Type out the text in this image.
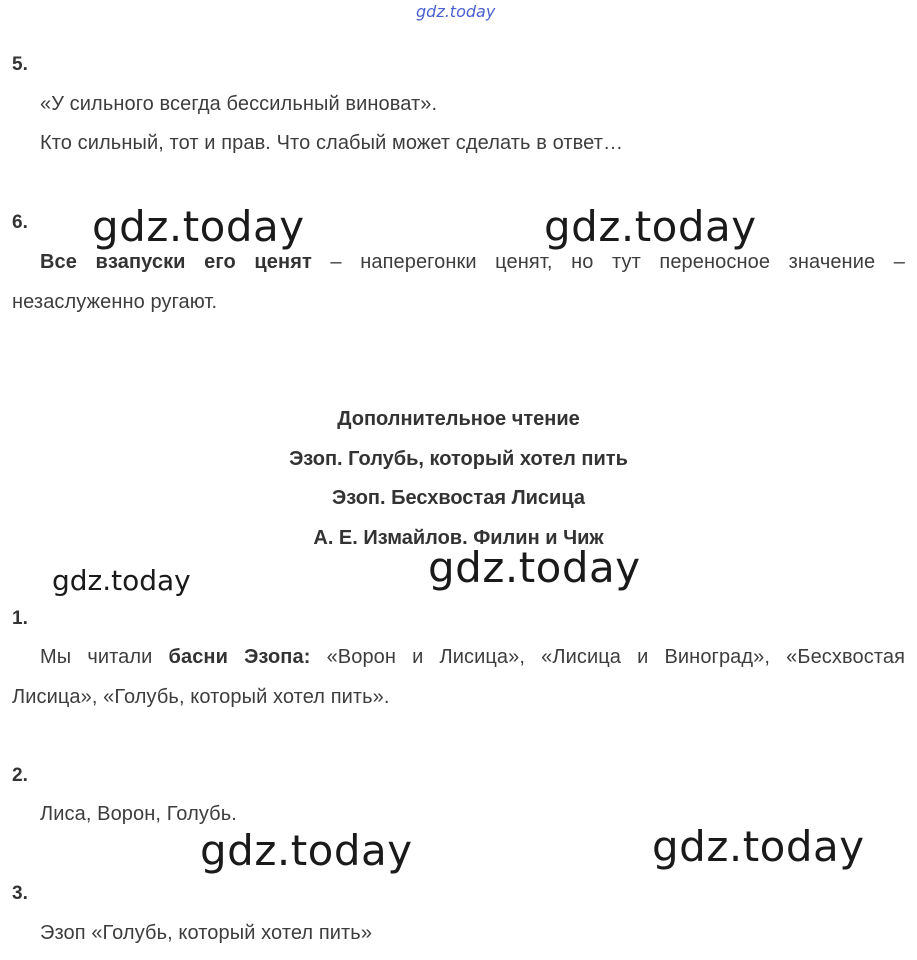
gdz.today
5.
«У сильного всегда бессильный виноват».
Кто сильный, тот и прав. Что слабый может сделать в ответ…
6.
Все взапуски его ценят – наперегонки ценят, но тут переносное значение –
незаслуженно ругают.
Дополнительное чтение
Эзоп. Голубь, который хотел пить
Эзоп. Бесхвостая Лисица
А. Е. Измайлов. Филин и Чиж
1.
Мы читали басни Эзопа: «Ворон и Лисица», «Лисица и Виноград», «Бесхвостая
Лисица», «Голубь, который хотел пить».
2.
Лиса, Ворон, Голубь.
3.
Эзоп «Голубь, который хотел пить»
gdz.today	gdz.today
gdz.today	gdz.today
gdz.today	gdz.today
